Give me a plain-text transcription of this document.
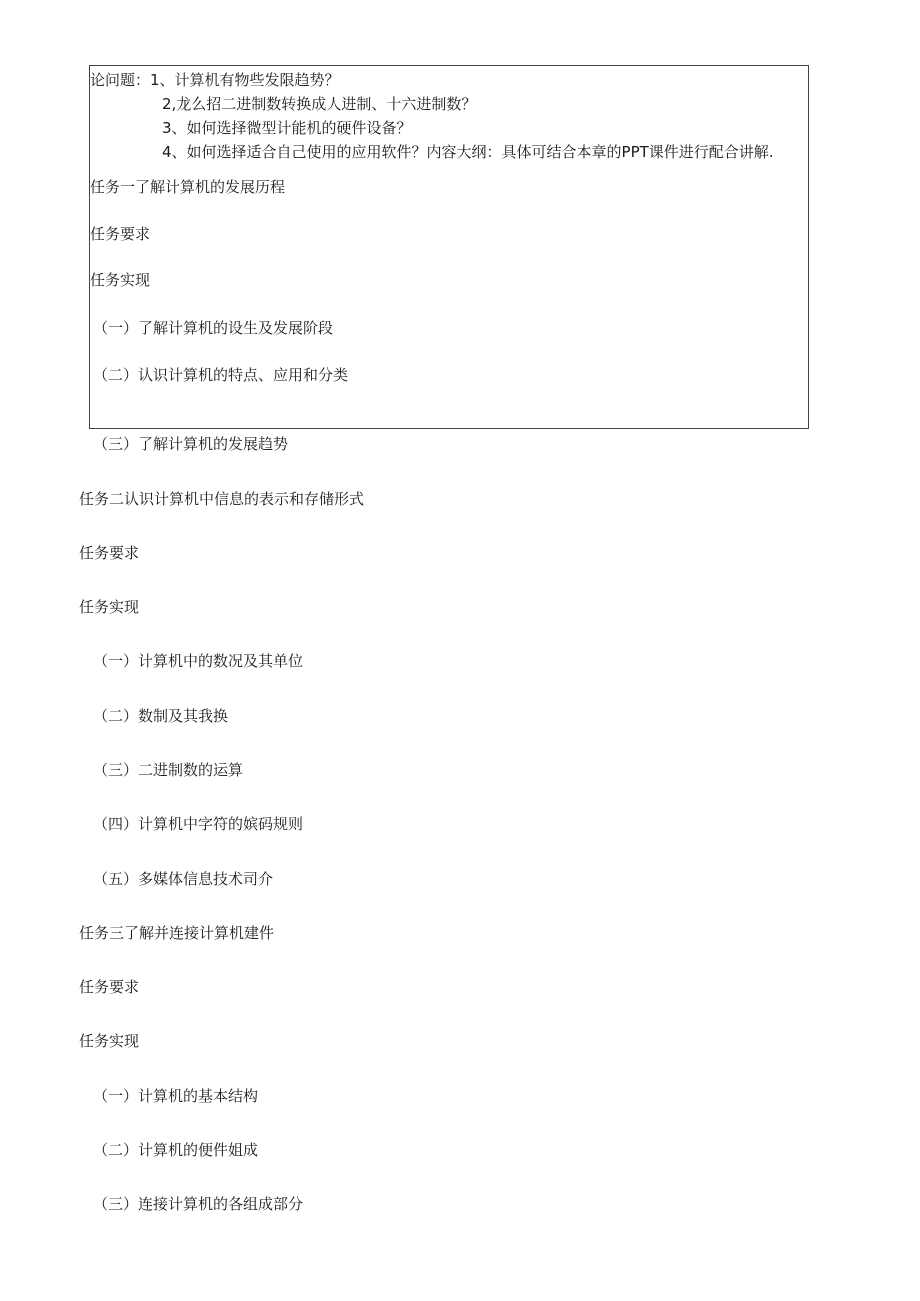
论问题：1、计算机有物些发限趋势？
2,龙么招二进制数转换成人进制、十六进制数？
3、如何选择微型计能机的硬件设备？
4、如何选择适合自己使用的应用软件？内容大纲：具体可结合本章的PPT课件进行配合讲解.
任务一了解计算机的发展历程
任务要求
任务实现
（一）了解计算机的设生及发展阶段
（二）认识计算机的特点、应用和分类
（三）了解计算机的发展趋势
任务二认识计算机中信息的表示和存储形式
任务要求
任务实现
（一）计算机中的数况及其单位
（二）数制及其我换
（三）二进制数的运算
（四）计算机中字符的嫔码规则
（五）多媒体信息技术司介
任务三了解并连接计算机建件
任务要求
任务实现
（一）计算机的基本结构
（二）计算机的便件姐成
（三）连接计算机的各组成部分
